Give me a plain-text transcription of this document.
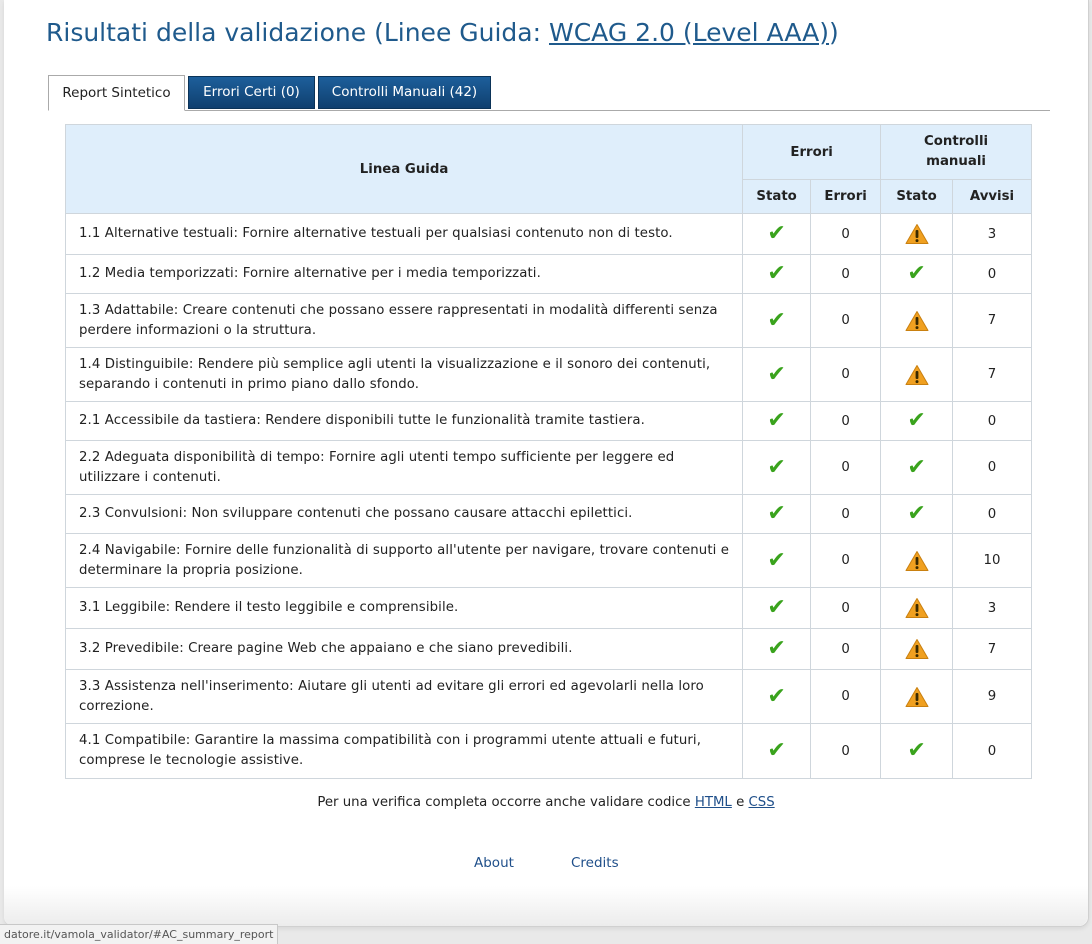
Risultati della validazione (Linee Guida: WCAG 2.0 (Level AAA))
Report Sintetico	Errori Certi (0)	Controlli Manuali (42)
Linea Guida	Errori		Controlli manuali	
	Stato	Errori	Stato	Avvisi
1.1 Alternative testuali: Fornire alternative testuali per qualsiasi contenuto non di testo.	✔	0		3
1.2 Media temporizzati: Fornire alternative per i media temporizzati.	✔	0	✔	0
1.3 Adattabile: Creare contenuti che possano essere rappresentati in modalità differenti senza perdere informazioni o la struttura.	✔	0		7
1.4 Distinguibile: Rendere più semplice agli utenti la visualizzazione e il sonoro dei contenuti, separando i contenuti in primo piano dallo sfondo.	✔	0		7
2.1 Accessibile da tastiera: Rendere disponibili tutte le funzionalità tramite tastiera.	✔	0	✔	0
2.2 Adeguata disponibilità di tempo: Fornire agli utenti tempo sufficiente per leggere ed utilizzare i contenuti.	✔	0	✔	0
2.3 Convulsioni: Non sviluppare contenuti che possano causare attacchi epilettici.	✔	0	✔	0
2.4 Navigabile: Fornire delle funzionalità di supporto all'utente per navigare, trovare contenuti e determinare la propria posizione.	✔	0		10
3.1 Leggibile: Rendere il testo leggibile e comprensibile.	✔	0		3
3.2 Prevedibile: Creare pagine Web che appaiano e che siano prevedibili.	✔	0		7
3.3 Assistenza nell'inserimento: Aiutare gli utenti ad evitare gli errori ed agevolarli nella loro correzione.	✔	0		9
4.1 Compatibile: Garantire la massima compatibilità con i programmi utente attuali e futuri, comprese le tecnologie assistive.	✔	0	✔	0
Per una verifica completa occorre anche validare codice HTML e CSS
About	Credits
datore.it/vamola_validator/#AC_summary_report
